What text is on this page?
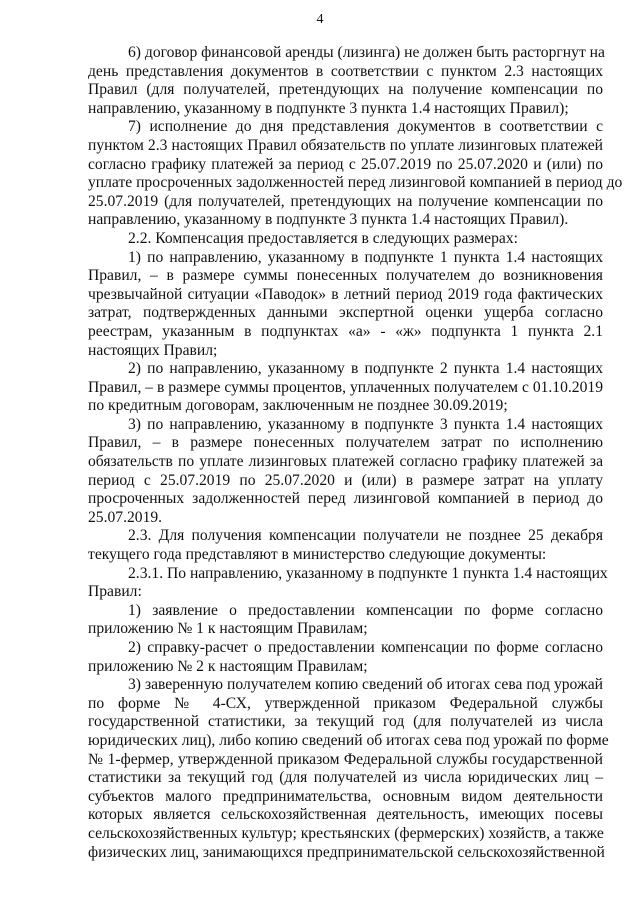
4
6) договор финансовой аренды (лизинга) не должен быть расторгнут на
день представления документов в соответствии с пунктом 2.3 настоящих
Правил (для получателей, претендующих на получение компенсации по
направлению, указанному в подпункте 3 пункта 1.4 настоящих Правил);
7) исполнение до дня представления документов в соответствии с
пунктом 2.3 настоящих Правил обязательств по уплате лизинговых платежей
согласно графику платежей за период с 25.07.2019 по 25.07.2020 и (или) по
уплате просроченных задолженностей перед лизинговой компанией в период до
25.07.2019 (для получателей, претендующих на получение компенсации по
направлению, указанному в подпункте 3 пункта 1.4 настоящих Правил).
2.2. Компенсация предоставляется в следующих размерах:
1) по направлению, указанному в подпункте 1 пункта 1.4 настоящих
Правил, – в размере суммы понесенных получателем до возникновения
чрезвычайной ситуации «Паводок» в летний период 2019 года фактических
затрат, подтвержденных данными экспертной оценки ущерба согласно
реестрам, указанным в подпунктах «а» - «ж» подпункта 1 пункта 2.1
настоящих Правил;
2) по направлению, указанному в подпункте 2 пункта 1.4 настоящих
Правил, – в размере суммы процентов, уплаченных получателем с 01.10.2019
по кредитным договорам, заключенным не позднее 30.09.2019;
3) по направлению, указанному в подпункте 3 пункта 1.4 настоящих
Правил, – в размере понесенных получателем затрат по исполнению
обязательств по уплате лизинговых платежей согласно графику платежей за
период с 25.07.2019 по 25.07.2020 и (или) в размере затрат на уплату
просроченных задолженностей перед лизинговой компанией в период до
25.07.2019.
2.3. Для получения компенсации получатели не позднее 25 декабря
текущего года представляют в министерство следующие документы:
2.3.1. По направлению, указанному в подпункте 1 пункта 1.4 настоящих
Правил:
1) заявление о предоставлении компенсации по форме согласно
приложению № 1 к настоящим Правилам;
2) справку-расчет о предоставлении компенсации по форме согласно
приложению № 2 к настоящим Правилам;
3) заверенную получателем копию сведений об итогах сева под урожай
по форме № 4-СХ, утвержденной приказом Федеральной службы
государственной статистики, за текущий год (для получателей из числа
юридических лиц), либо копию сведений об итогах сева под урожай по форме
№ 1-фермер, утвержденной приказом Федеральной службы государственной
статистики за текущий год (для получателей из числа юридических лиц –
субъектов малого предпринимательства, основным видом деятельности
которых является сельскохозяйственная деятельность, имеющих посевы
сельскохозяйственных культур; крестьянских (фермерских) хозяйств, а также
физических лиц, занимающихся предпринимательской сельскохозяйственной
